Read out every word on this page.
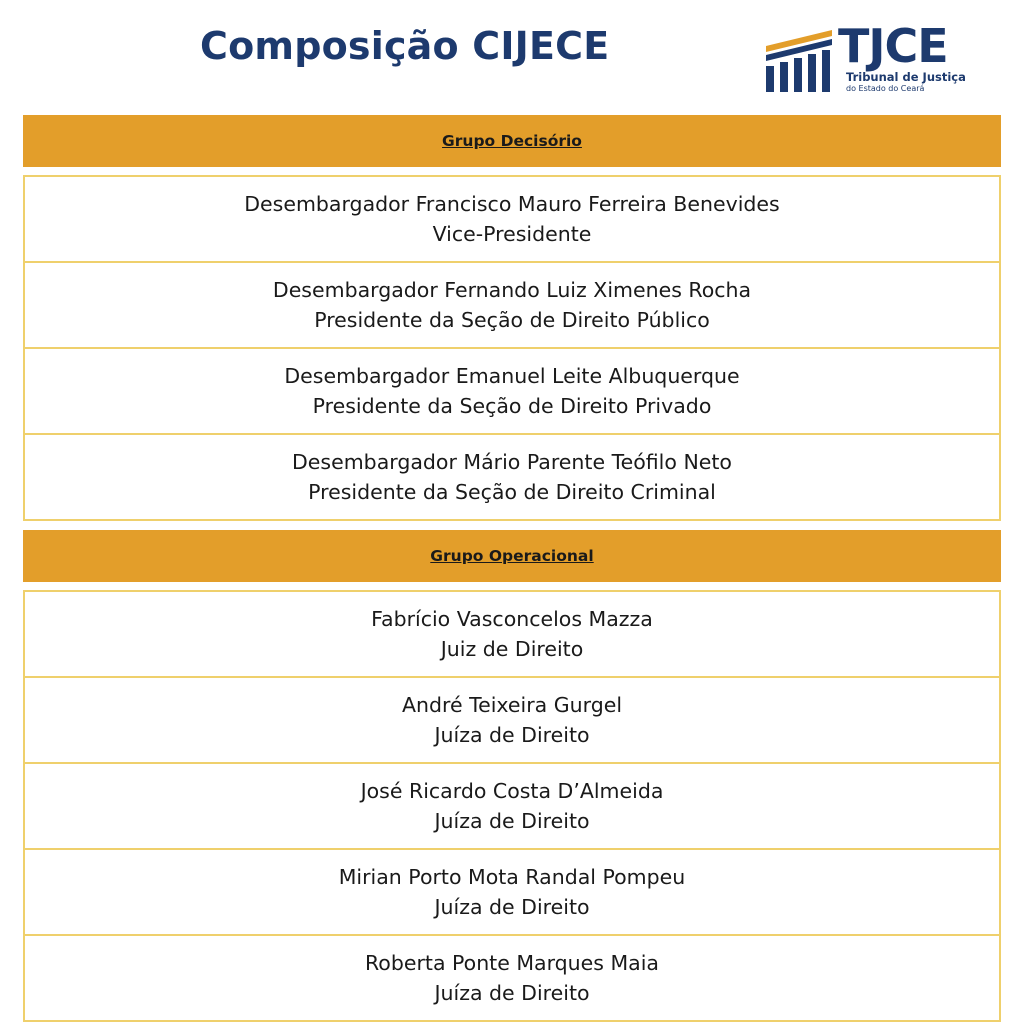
Composição CIJECE	TJCE
Tribunal de Justiça
do Estado do Ceará
Grupo Decisório
Desembargador Francisco Mauro Ferreira Benevides
Vice-Presidente
Desembargador Fernando Luiz Ximenes Rocha
Presidente da Seção de Direito Público
Desembargador Emanuel Leite Albuquerque
Presidente da Seção de Direito Privado
Desembargador Mário Parente Teófilo Neto
Presidente da Seção de Direito Criminal
Grupo Operacional
Fabrício Vasconcelos Mazza
Juiz de Direito
André Teixeira Gurgel
Juíza de Direito
José Ricardo Costa D’Almeida
Juíza de Direito
Mirian Porto Mota Randal Pompeu
Juíza de Direito
Roberta Ponte Marques Maia
Juíza de Direito
